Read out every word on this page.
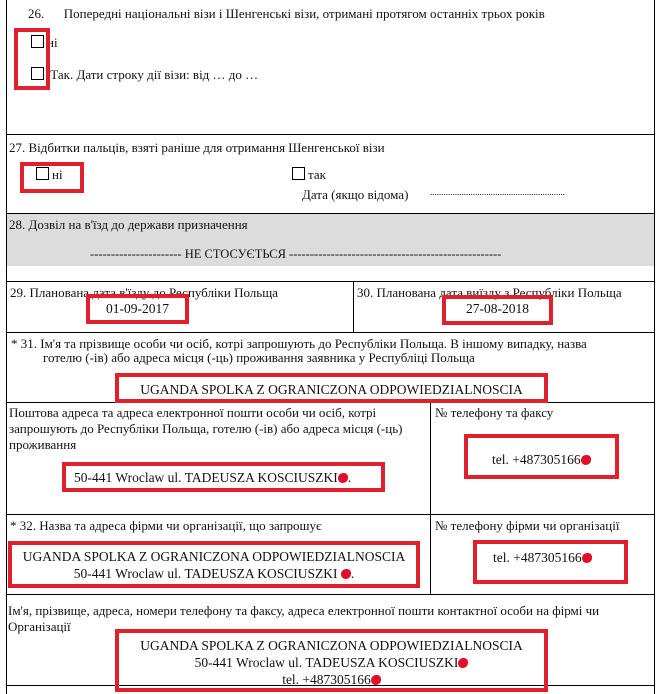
26.      Попередні національні візи і Шенгенські візи, отримані протягом останніх трьох років
ні
Так. Дати строку дії візи: від … до …
27. Відбитки пальців, взяті раніше для отримання Шенгенської візи
ні	так
Дата (якщо відома) ............................................................
28. Дозвіл на в'їзд до держави призначення
---------------------- НЕ СТОСУЄТЬСЯ ---------------------------------------------------
29. Планована дата в'їзду до Республіки Польща
01-09-2017
30. Планована дата виїзду з Республіки Польща
27-08-2018
* 31. Ім'я та прізвище особи чи осіб, котрі запрошують до Республіки Польща. В іншому випадку, назва
готелю (-ів) або адреса місця (-ць) проживання заявника у Республіці Польща
UGANDA SPOLKA Z OGRANICZONA ODPOWIEDZIALNOSCIA
Поштова адреса та адреса електронної пошти особи чи осіб, котрі запрошують до Республіки Польща, готелю (-ів) або адреса місця (-ць) проживання
50-441 Wroclaw ul. TADEUSZA KOSCIUSZKI .
№ телефону та факсу
tel. +487305166
* 32. Назва та адреса фірми чи організації, що запрошує
UGANDA SPOLKA Z OGRANICZONA ODPOWIEDZIALNOSCIA
50-441 Wroclaw ul. TADEUSZA KOSCIUSZKI .
№ телефону фірми чи організації
tel. +487305166
Ім'я, прізвище, адреса, номери телефону та факсу, адреса електронної пошти контактної особи на фірмі чи Організації
UGANDA SPOLKA Z OGRANICZONA ODPOWIEDZIALNOSCIA
50-441 Wroclaw ul. TADEUSZA KOSCIUSZKI
tel. +487305166
